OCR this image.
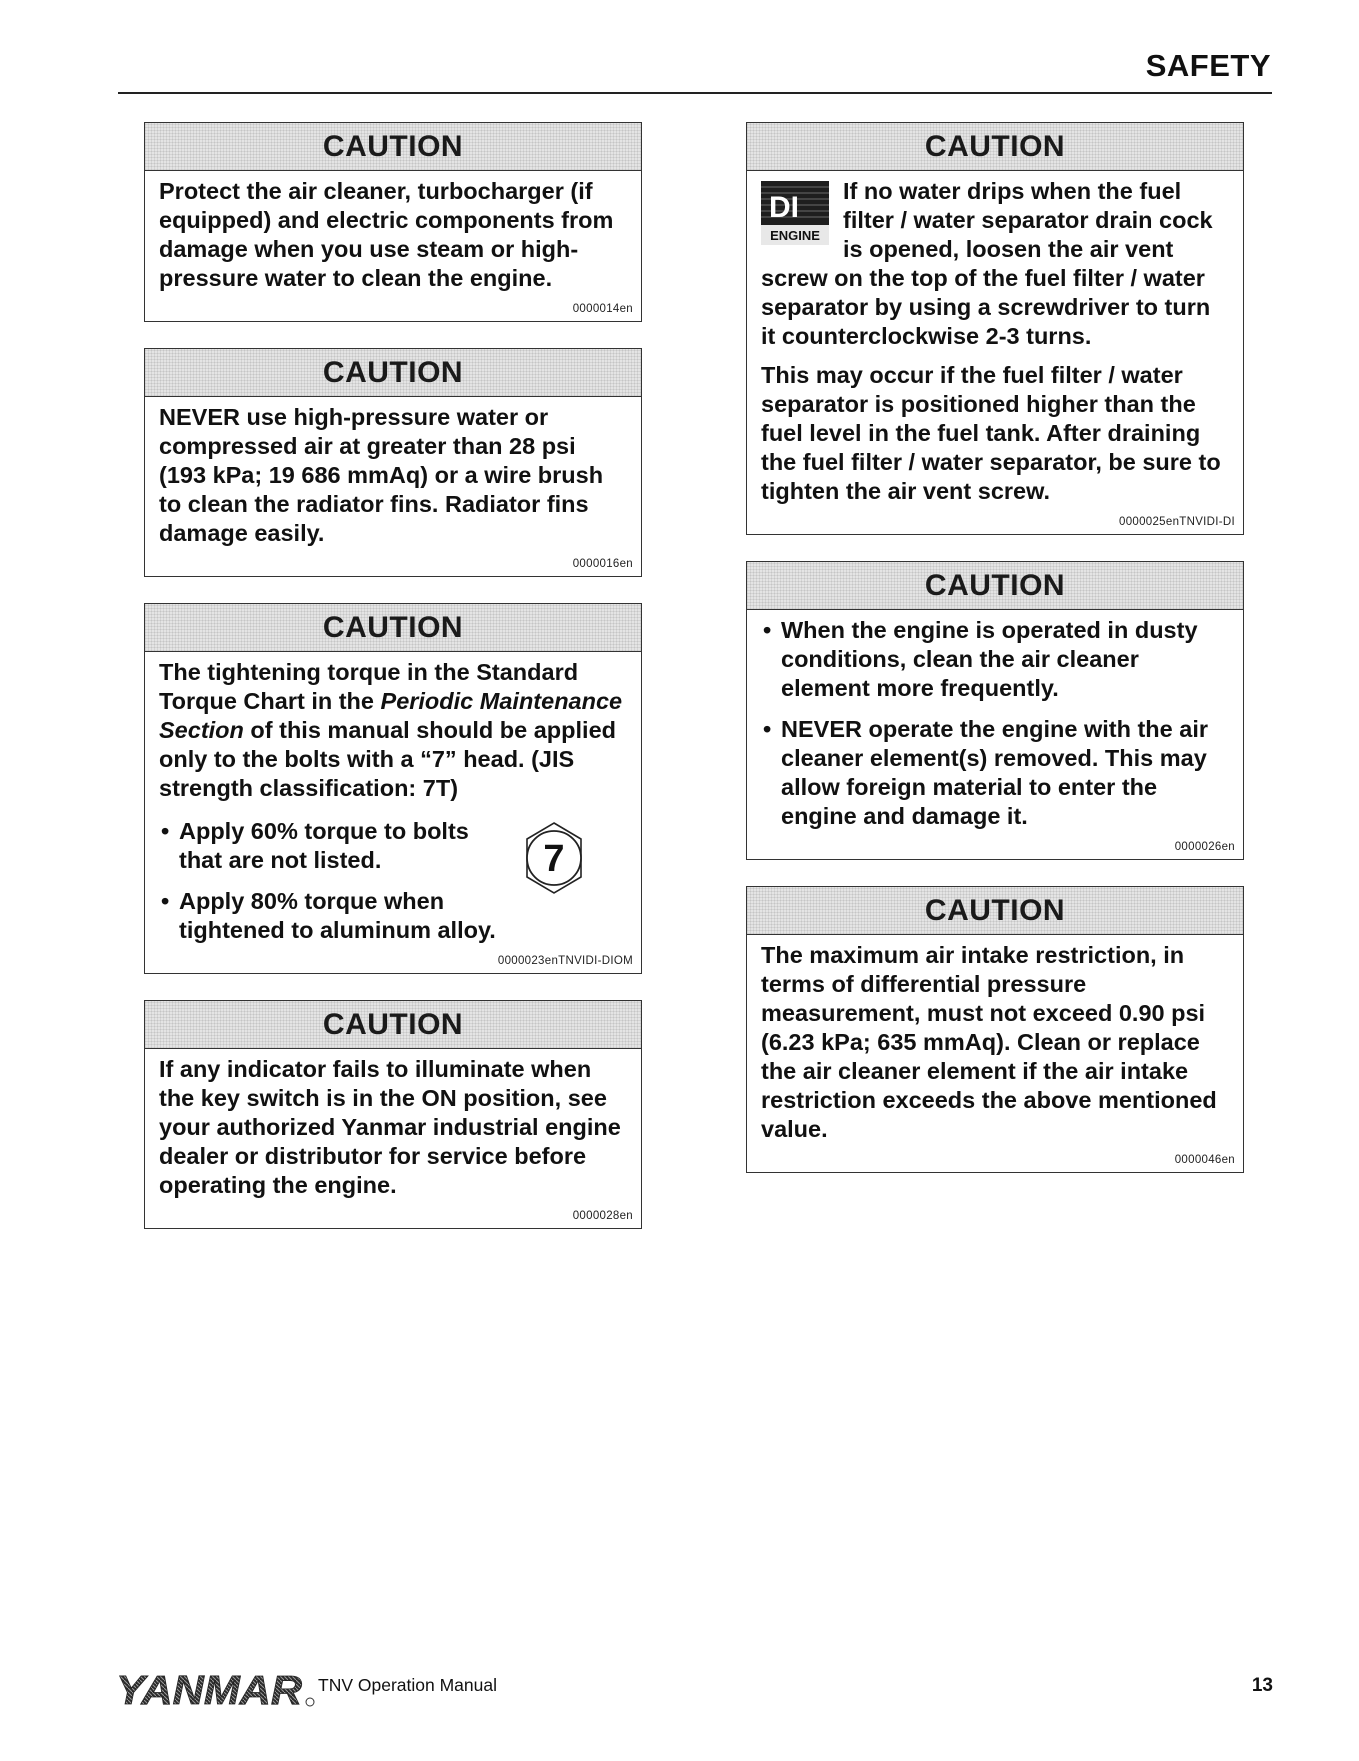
SAFETY
CAUTION

Protect the air cleaner, turbocharger (if equipped) and electric components from damage when you use steam or high-pressure water to clean the engine.

0000014en
CAUTION

NEVER use high-pressure water or compressed air at greater than 28 psi (193 kPa; 19 686 mmAq) or a wire brush to clean the radiator fins. Radiator fins damage easily.

0000016en
CAUTION

The tightening torque in the Standard Torque Chart in the Periodic Maintenance Section of this manual should be applied only to the bolts with a “7” head. (JIS strength classification: 7T)

• Apply 60% torque to bolts that are not listed.
• Apply 80% torque when tightened to aluminum alloy.
7
0000023enTNVIDI-DIOM
CAUTION

If any indicator fails to illuminate when the key switch is in the ON position, see your authorized Yanmar industrial engine dealer or distributor for service before operating the engine.

0000028en
CAUTION
DI
ENGINE

If no water drips when the fuel filter / water separator drain cock is opened, loosen the air vent screw on the top of the fuel filter / water separator by using a screwdriver to turn it counterclockwise 2-3 turns.

This may occur if the fuel filter / water separator is positioned higher than the fuel level in the fuel tank. After draining the fuel filter / water separator, be sure to tighten the air vent screw.

0000025enTNVIDI-DI
CAUTION
• When the engine is operated in dusty conditions, clean the air cleaner element more frequently.
• NEVER operate the engine with the air cleaner element(s) removed. This may allow foreign material to enter the engine and damage it.
0000026en
CAUTION

The maximum air intake restriction, in terms of differential pressure measurement, must not exceed 0.90 psi (6.23 kPa; 635 mmAq). Clean or replace the air cleaner element if the air intake restriction exceeds the above mentioned value.

0000046en
YANMAR TNV Operation Manual	13
